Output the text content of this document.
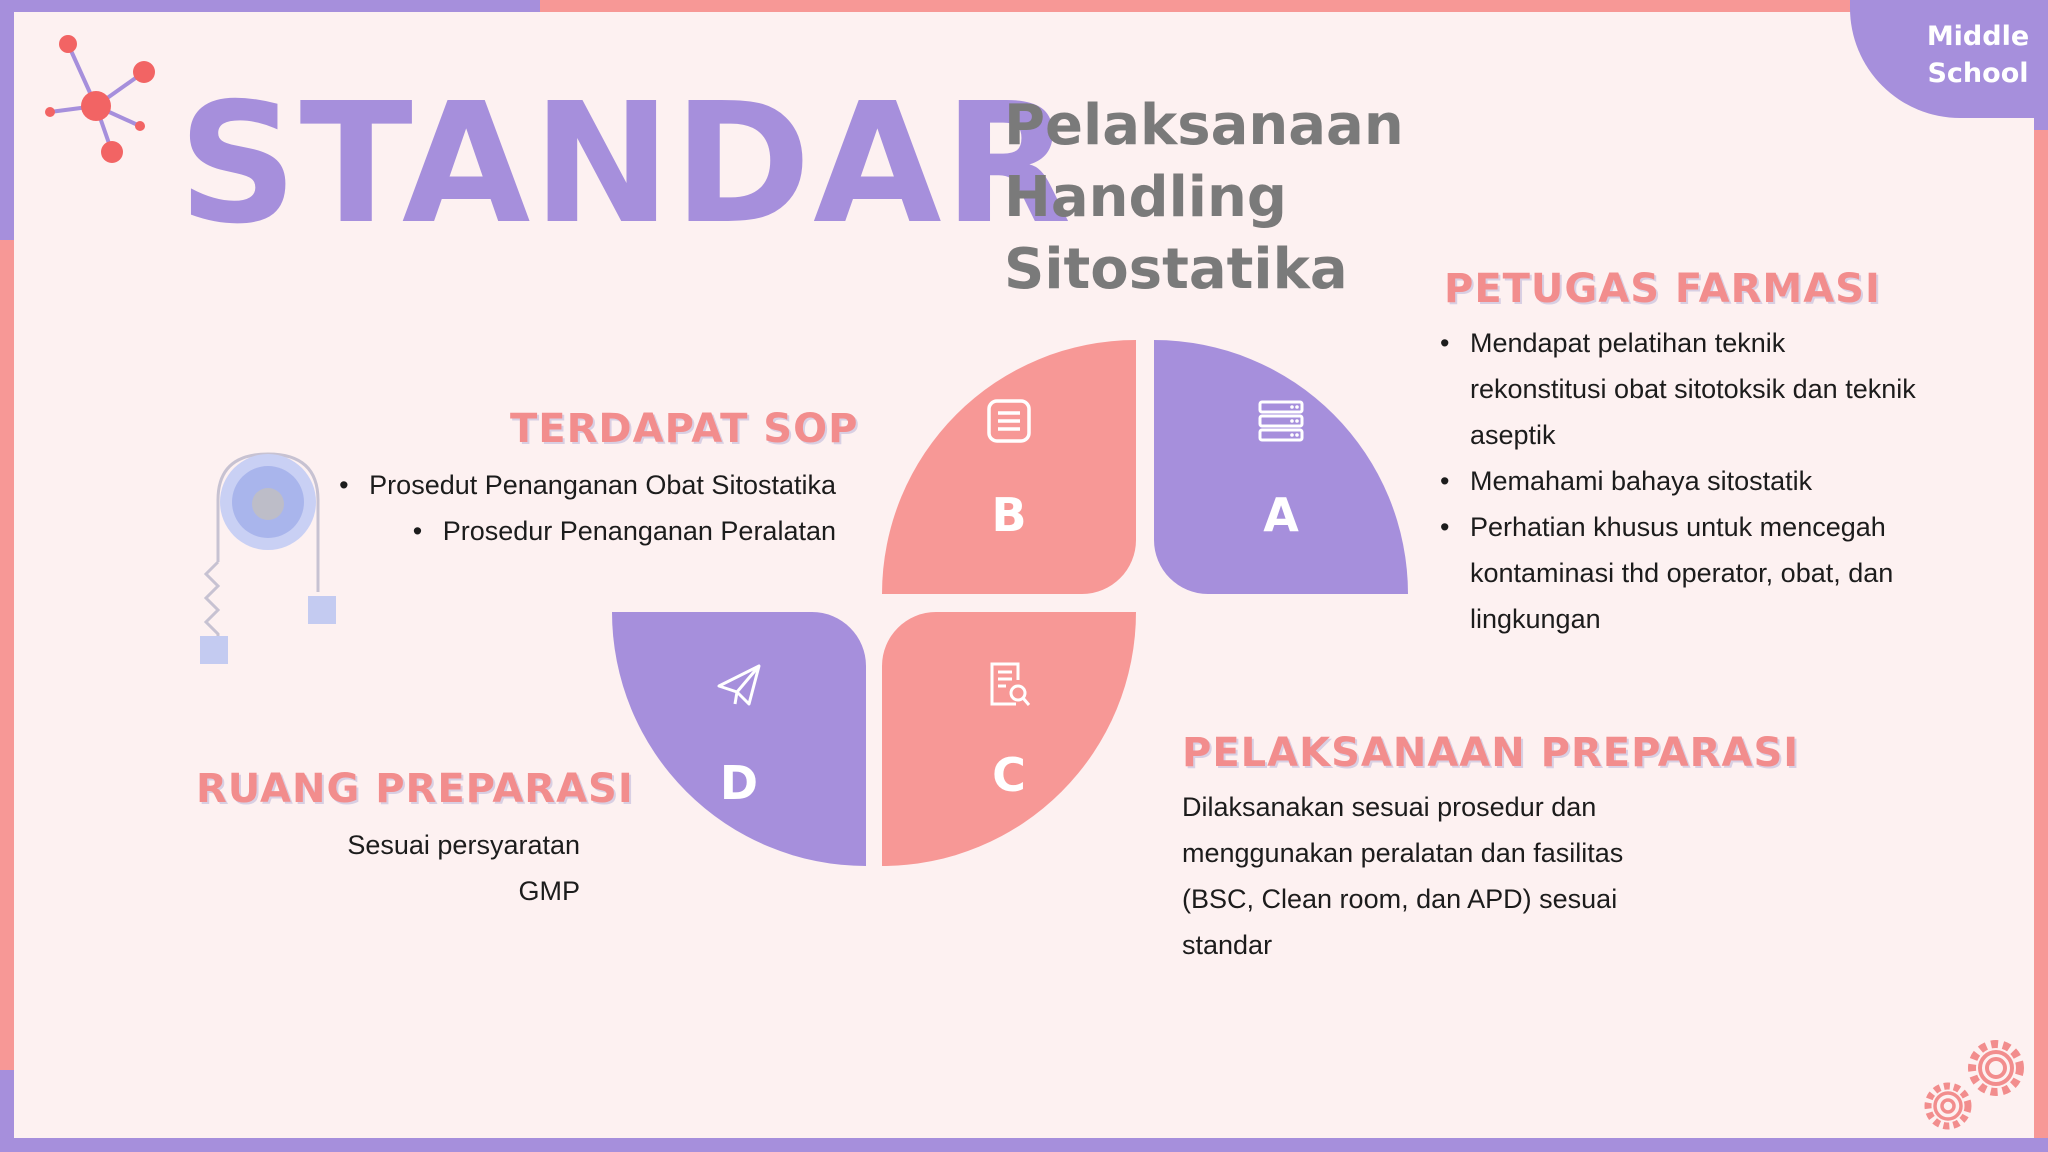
Middle
School
STANDAR
Pelaksanaan Handling
Sitostatika	PETUGAS FARMASI
• Mendapat pelatihan teknik rekonstitusi obat sitotoksik dan teknik aseptik
• Memahami bahaya sitostatik
• Perhatian khusus untuk mencegah kontaminasi thd operator, obat, dan lingkungan
TERDAPAT SOP
• Prosedut Penanganan Obat Sitostatika • Prosedur Penanganan Peralatan
RUANG PREPARASI
Sesuai persyaratan GMP
PELAKSANAAN PREPARASI
Dilaksanakan sesuai prosedur dan menggunakan peralatan dan fasilitas (BSC, Clean room, dan APD) sesuai standar
B	A
D	C
